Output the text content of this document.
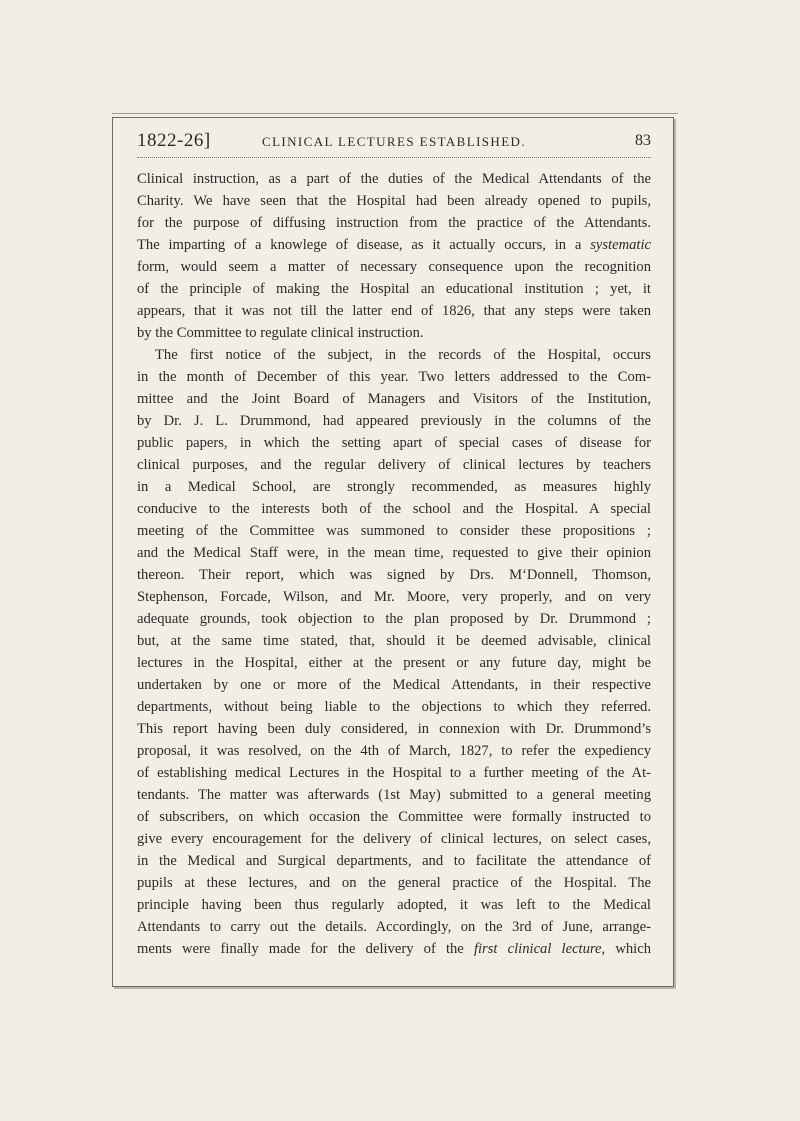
1822-26]	CLINICAL LECTURES ESTABLISHED.	83
Clinical instruction, as a part of the duties of the Medical Attendants of the
Charity. We have seen that the Hospital had been already opened to pupils,
for the purpose of diffusing instruction from the practice of the Attendants.
The imparting of a knowlege of disease, as it actually occurs, in a systematic
form, would seem a matter of necessary consequence upon the recognition
of the principle of making the Hospital an educational institution ; yet, it
appears, that it was not till the latter end of 1826, that any steps were taken
by the Committee to regulate clinical instruction.
The first notice of the subject, in the records of the Hospital, occurs
in the month of December of this year. Two letters addressed to the Com-
mittee and the Joint Board of Managers and Visitors of the Institution,
by Dr. J. L. Drummond, had appeared previously in the columns of the
public papers, in which the setting apart of special cases of disease for
clinical purposes, and the regular delivery of clinical lectures by teachers
in a Medical School, are strongly recommended, as measures highly
conducive to the interests both of the school and the Hospital. A special
meeting of the Committee was summoned to consider these propositions ;
and the Medical Staff were, in the mean time, requested to give their opinion
thereon. Their report, which was signed by Drs. M‘Donnell, Thomson,
Stephenson, Forcade, Wilson, and Mr. Moore, very properly, and on very
adequate grounds, took objection to the plan proposed by Dr. Drummond ;
but, at the same time stated, that, should it be deemed advisable, clinical
lectures in the Hospital, either at the present or any future day, might be
undertaken by one or more of the Medical Attendants, in their respective
departments, without being liable to the objections to which they referred.
This report having been duly considered, in connexion with Dr. Drummond’s
proposal, it was resolved, on the 4th of March, 1827, to refer the expediency
of establishing medical Lectures in the Hospital to a further meeting of the At-
tendants. The matter was afterwards (1st May) submitted to a general meeting
of subscribers, on which occasion the Committee were formally instructed to
give every encouragement for the delivery of clinical lectures, on select cases,
in the Medical and Surgical departments, and to facilitate the attendance of
pupils at these lectures, and on the general practice of the Hospital. The
principle having been thus regularly adopted, it was left to the Medical
Attendants to carry out the details. Accordingly, on the 3rd of June, arrange-
ments were finally made for the delivery of the first clinical lecture, which
